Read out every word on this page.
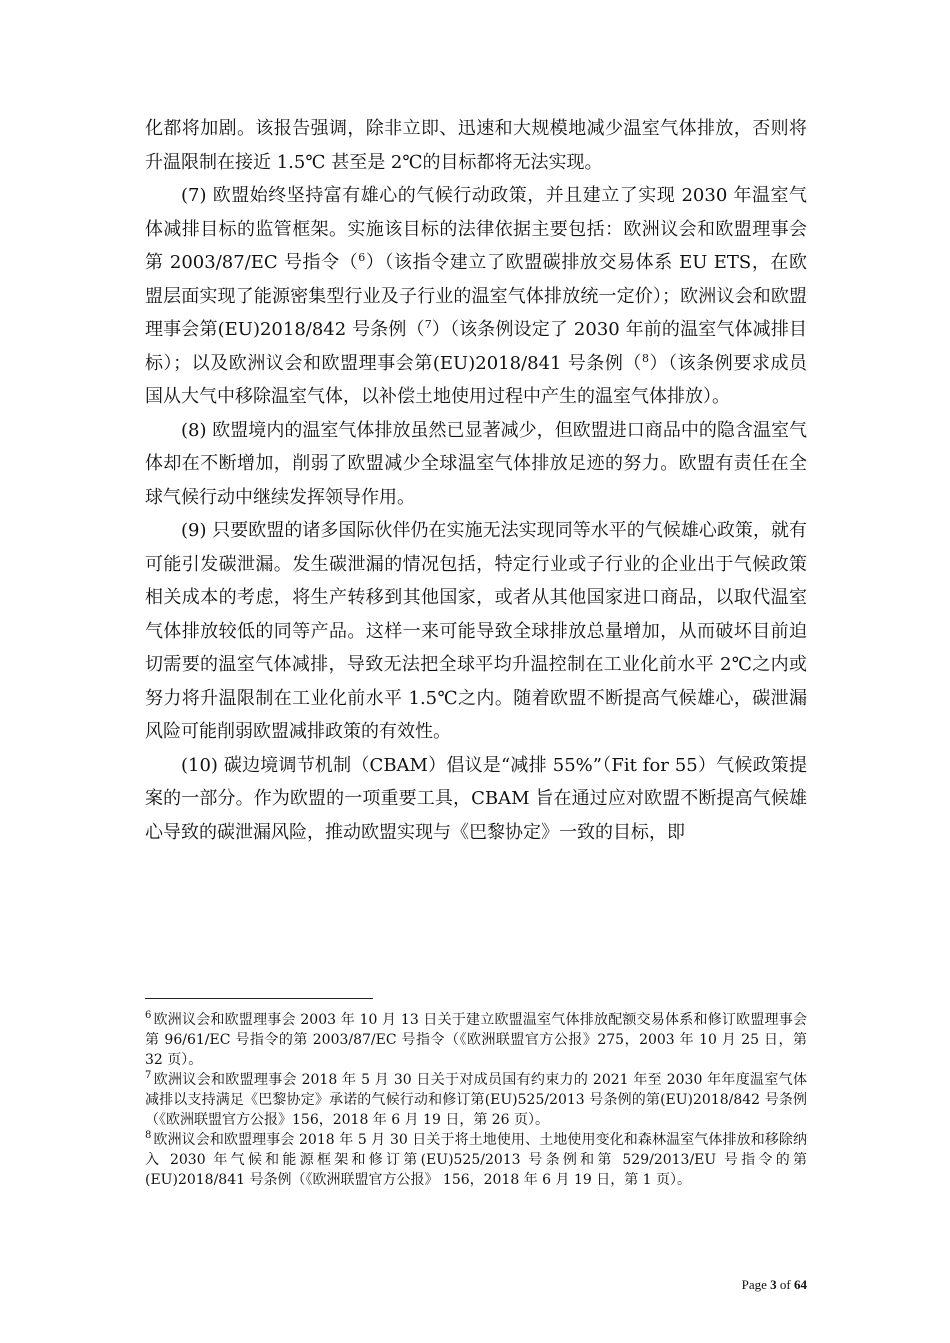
化都将加剧。该报告强调，除非立即、迅速和大规模地减少温室气体排放，否则将升温限制在接近 1.5℃ 甚至是 2℃的目标都将无法实现。

(7) 欧盟始终坚持富有雄心的气候行动政策，并且建立了实现 2030 年温室气体减排目标的监管框架。实施该目标的法律依据主要包括：欧洲议会和欧盟理事会第 2003/87/EC 号指令（$^6$）（该指令建立了欧盟碳排放交易体系 EU ETS，在欧盟层面实现了能源密集型行业及子行业的温室气体排放统一定价）；欧洲议会和欧盟理事会第(EU)2018/842 号条例（$^7$）（该条例设定了 2030 年前的温室气体减排目标）；以及欧洲议会和欧盟理事会第(EU)2018/841 号条例（$^8$）（该条例要求成员国从大气中移除温室气体，以补偿土地使用过程中产生的温室气体排放）。

(8) 欧盟境内的温室气体排放虽然已显著减少，但欧盟进口商品中的隐含温室气体却在不断增加，削弱了欧盟减少全球温室气体排放足迹的努力。欧盟有责任在全球气候行动中继续发挥领导作用。

(9) 只要欧盟的诸多国际伙伴仍在实施无法实现同等水平的气候雄心政策，就有可能引发碳泄漏。发生碳泄漏的情况包括，特定行业或子行业的企业出于气候政策相关成本的考虑，将生产转移到其他国家，或者从其他国家进口商品，以取代温室气体排放较低的同等产品。这样一来可能导致全球排放总量增加，从而破坏目前迫切需要的温室气体减排，导致无法把全球平均升温控制在工业化前水平 2℃之内或努力将升温限制在工业化前水平 1.5℃之内。随着欧盟不断提高气候雄心，碳泄漏风险可能削弱欧盟减排政策的有效性。

(10) 碳边境调节机制（CBAM）倡议是“减排 55%”（Fit for 55）气候政策提案的一部分。作为欧盟的一项重要工具，CBAM 旨在通过应对欧盟不断提高气候雄心导致的碳泄漏风险，推动欧盟实现与《巴黎协定》一致的目标，即

$^6$ 欧洲议会和欧盟理事会 2003 年 10 月 13 日关于建立欧盟温室气体排放配额交易体系和修订欧盟理事会第 96/61/EC 号指令的第 2003/87/EC 号指令（《欧洲联盟官方公报》275，2003 年 10 月 25 日，第 32 页）。

$^7$ 欧洲议会和欧盟理事会 2018 年 5 月 30 日关于对成员国有约束力的 2021 年至 2030 年年度温室气体减排以支持满足《巴黎协定》承诺的气候行动和修订第(EU)525/2013 号条例的第(EU)2018/842 号条例（《欧洲联盟官方公报》156，2018 年 6 月 19 日，第 26 页）。

$^8$ 欧洲议会和欧盟理事会 2018 年 5 月 30 日关于将土地使用、土地使用变化和森林温室气体排放和移除纳入 2030 年气候和能源框架和修订第(EU)525/2013 号条例和第 529/2013/EU 号指令的第(EU)2018/841 号条例（《欧洲联盟官方公报》 156，2018 年 6 月 19 日，第 1 页）。

Page 3 of 64
